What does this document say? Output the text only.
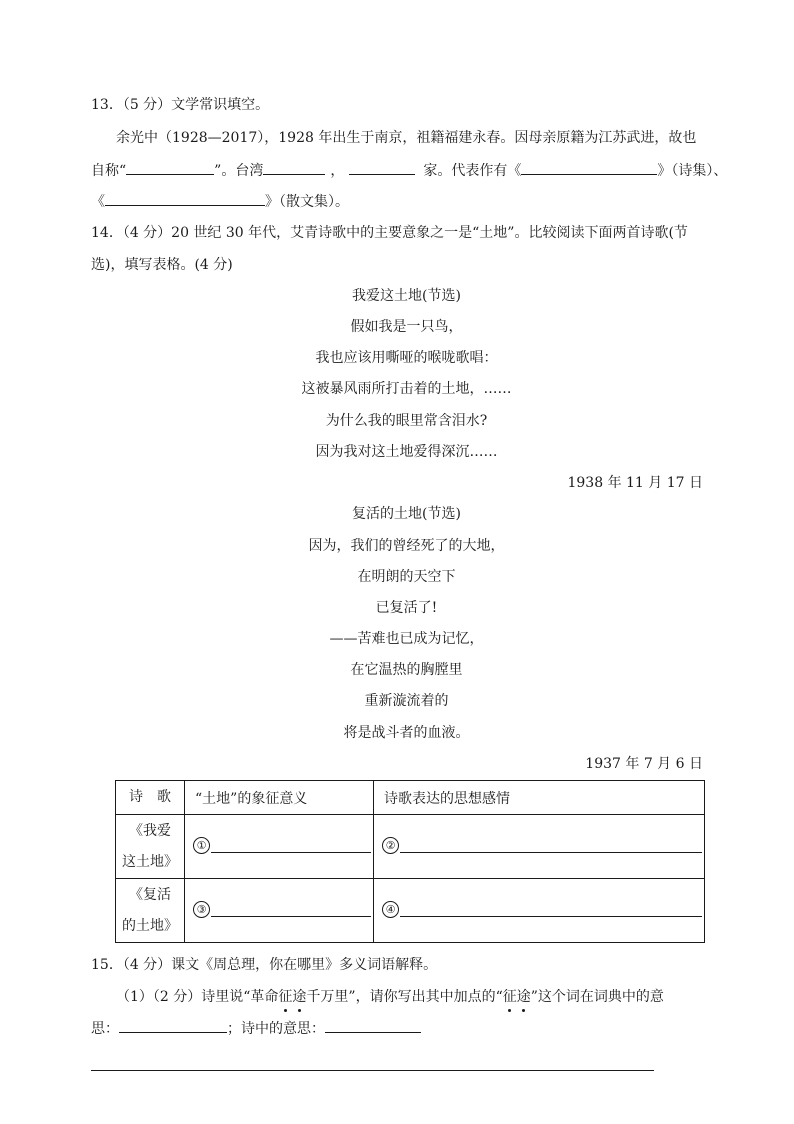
13．（5 分）文学常识填空。
余光中（1928—2017），1928 年出生于南京，祖籍福建永春。因母亲原籍为江苏武进，故也
自称“	”。台湾	，	家。代表作有《	》（诗集）、
《	》（散文集）。
14．（4 分）20 世纪 30 年代，艾青诗歌中的主要意象之一是“土地”。比较阅读下面两首诗歌(节
选)，填写表格。(4 分)
我爱这土地(节选)
假如我是一只鸟，
我也应该用嘶哑的喉咙歌唱：
这被暴风雨所打击着的土地，……
为什么我的眼里常含泪水?
因为我对这土地爱得深沉……
1938 年 11 月 17 日
复活的土地(节选)
因为，我们的曾经死了的大地，
在明朗的天空下
已复活了!
——苦难也已成为记忆，
在它温热的胸膛里
重新漩流着的
将是战斗者的血液。
1937 年 7 月 6 日
诗　歌	“土地”的象征意义	诗歌表达的思想感情

《我爱
这土地》	①	②

《复活
的土地》	③	④
15．（4 分）课文《周总理，你在哪里》多义词语解释。
（1）（2 分）诗里说“革命征途千万里”，请你写出其中加点的“征途”这个词在词典中的意
思：	；诗中的意思：
